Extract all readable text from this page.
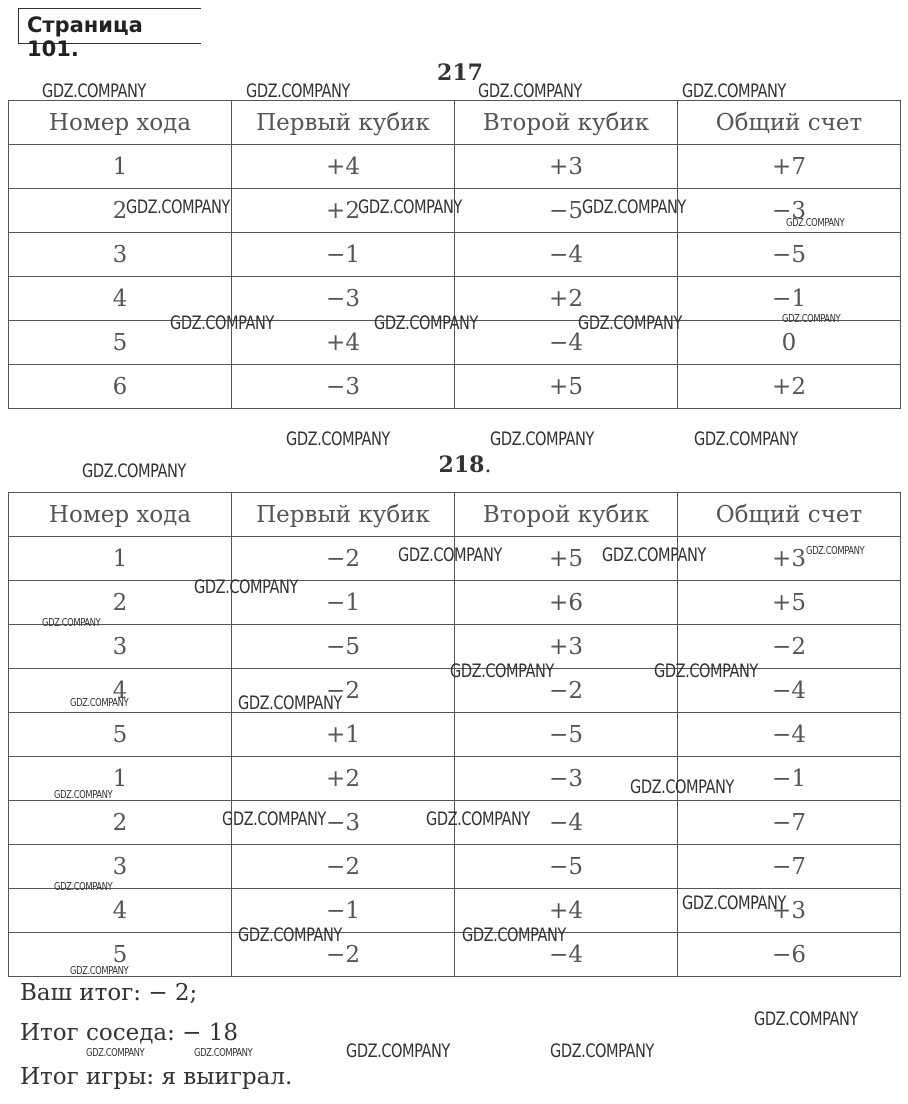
Страница 101.
217
Номер хода	Первый кубик	Второй кубик	Общий счет
1	+4	+3	+7
2	+2	−5	−3
3	−1	−4	−5
4	−3	+2	−1
5	+4	−4	0
6	−3	+5	+2
218.
Номер хода	Первый кубик	Второй кубик	Общий счет
1	−2	+5	+3
2	−1	+6	+5
3	−5	+3	−2
4	−2	−2	−4
5	+1	−5	−4
1	+2	−3	−1
2	−3	−4	−7
3	−2	−5	−7
4	−1	+4	+3
5	−2	−4	−6
Ваш итог: − 2;
Итог соседа: − 18
Итог игры: я выиграл.
GDZ.COMPANY	GDZ.COMPANY	GDZ.COMPANY	GDZ.COMPANY
GDZ.COMPANY	GDZ.COMPANY	GDZ.COMPANY
GDZ.COMPANY
GDZ.COMPANY	GDZ.COMPANY	GDZ.COMPANY	GDZ.COMPANY
GDZ.COMPANY	GDZ.COMPANY	GDZ.COMPANY
GDZ.COMPANY
GDZ.COMPANY	GDZ.COMPANY	GDZ.COMPANY
GDZ.COMPANY
GDZ.COMPANY
GDZ.COMPANY	GDZ.COMPANY
GDZ.COMPANY	GDZ.COMPANY
GDZ.COMPANY
GDZ.COMPANY
GDZ.COMPANY	GDZ.COMPANY
GDZ.COMPANY
GDZ.COMPANY
GDZ.COMPANY	GDZ.COMPANY
GDZ.COMPANY
GDZ.COMPANY
GDZ.COMPANY	GDZ.COMPANY	GDZ.COMPANY	GDZ.COMPANY
